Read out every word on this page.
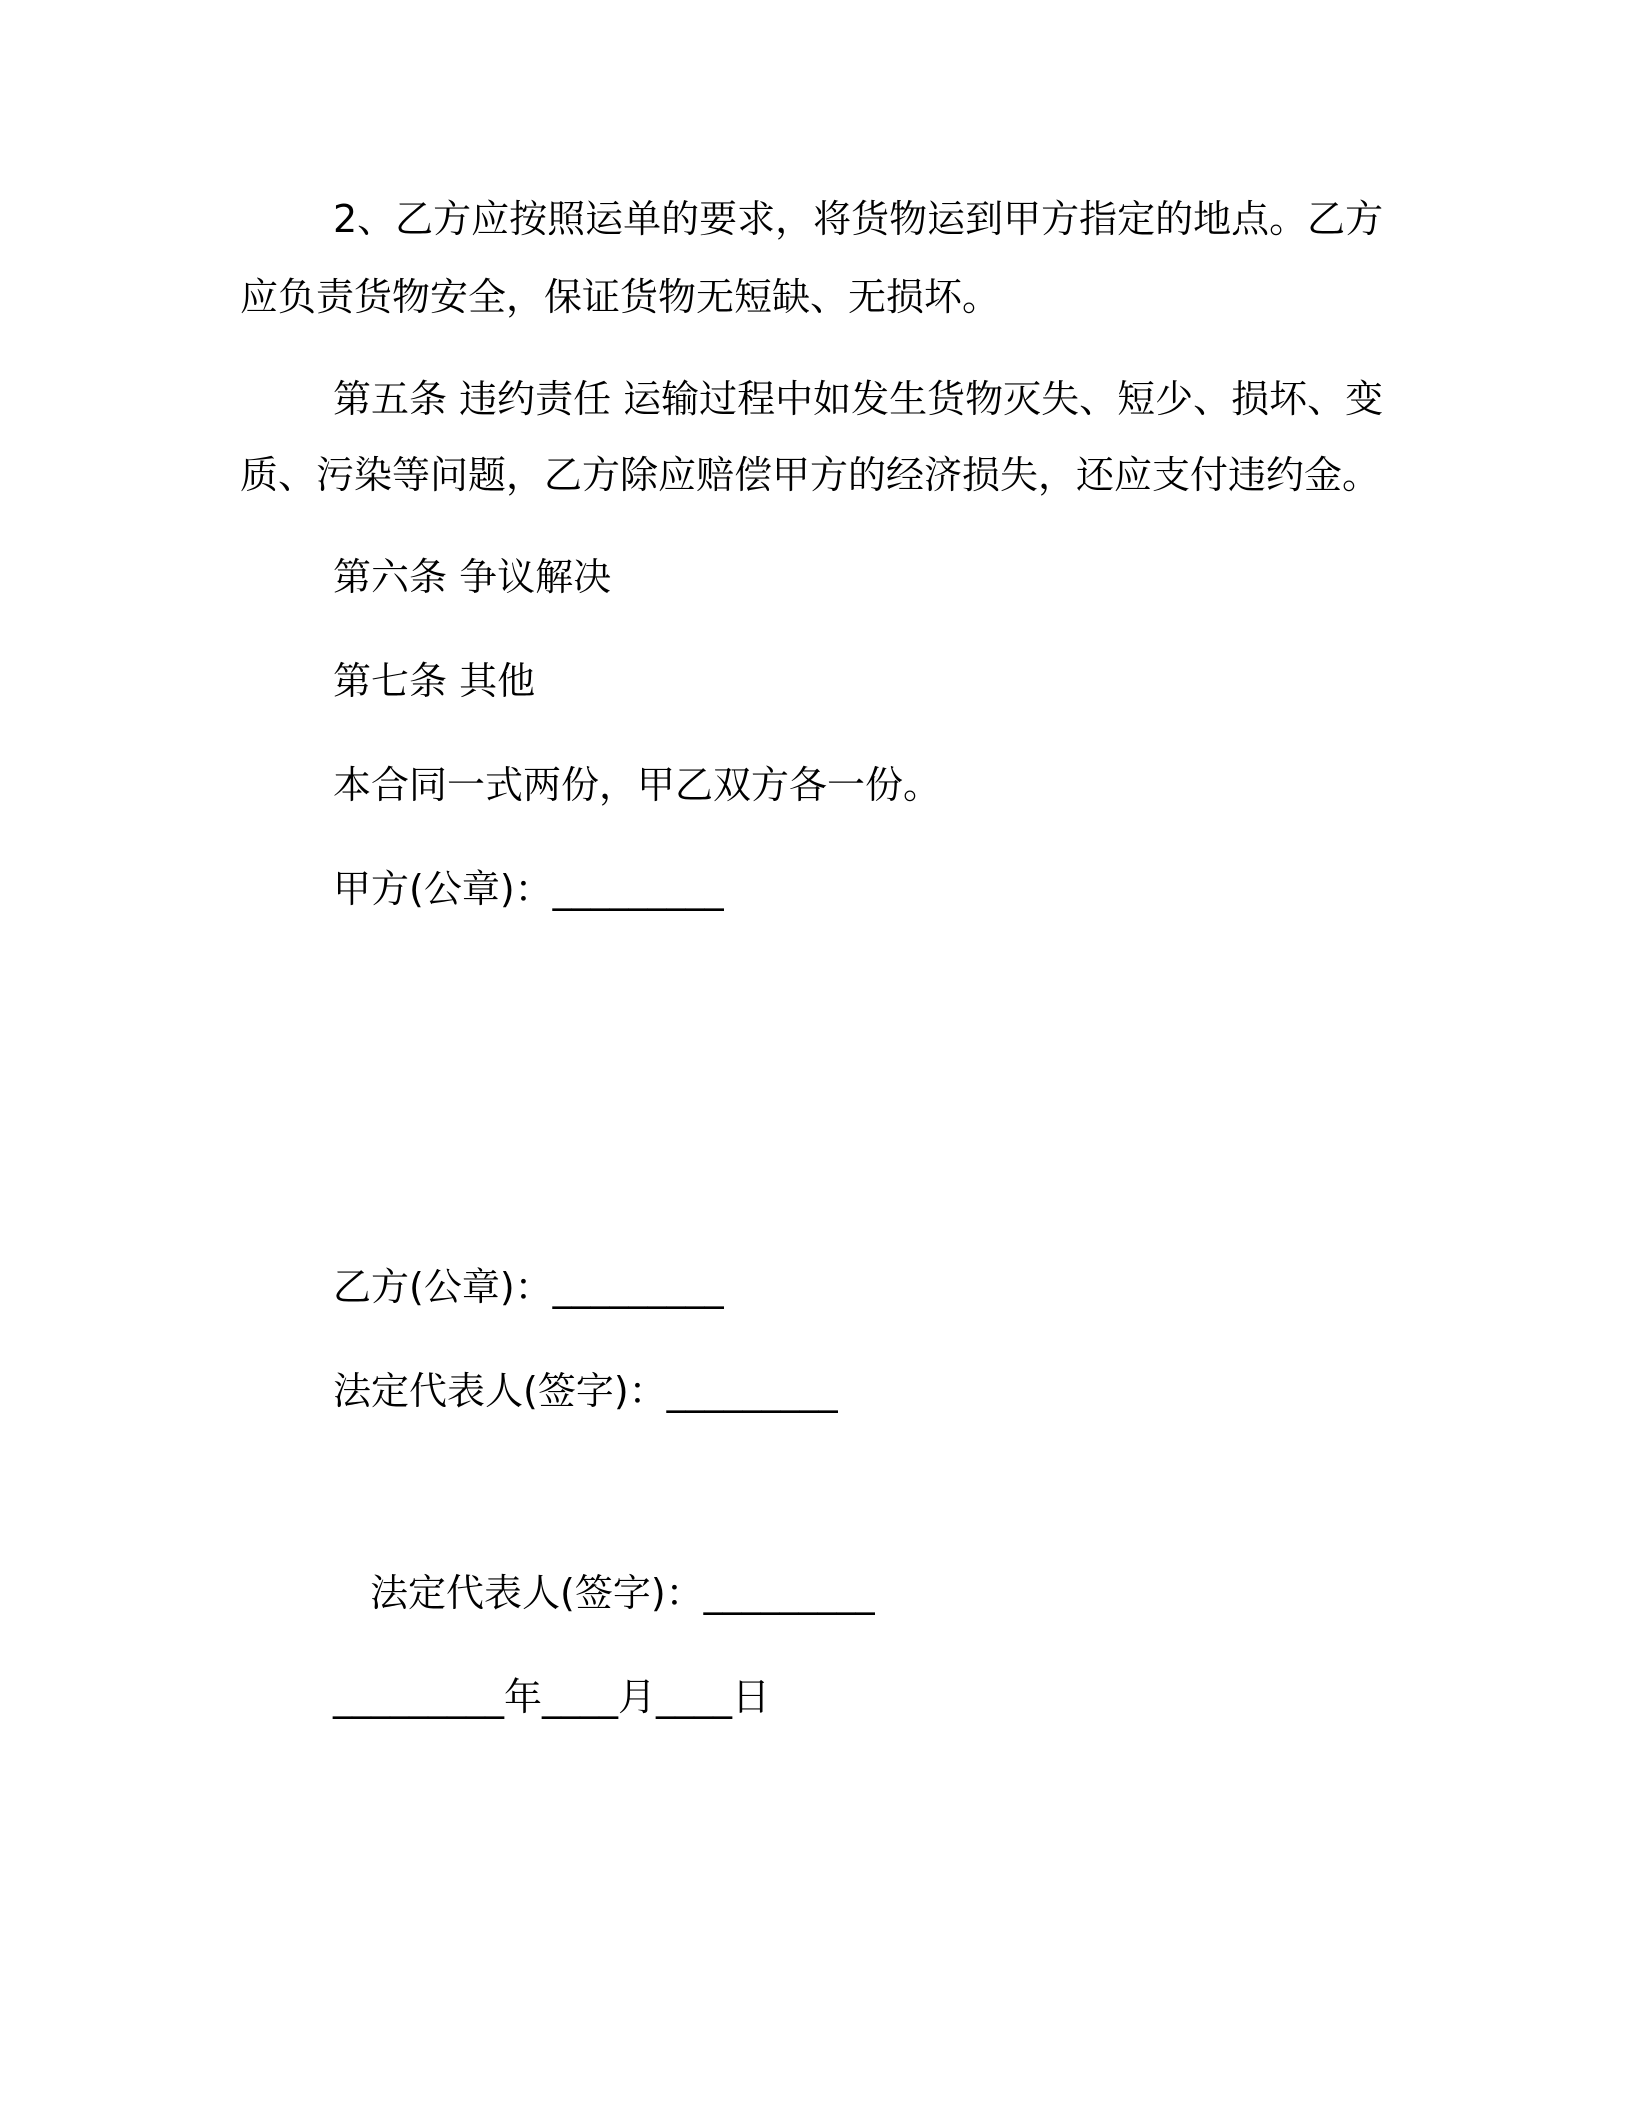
2、乙方应按照运单的要求，将货物运到甲方指定的地点。乙方
应负责货物安全，保证货物无短缺、无损坏。
第五条 违约责任 运输过程中如发生货物灭失、短少、损坏、变
质、污染等问题，乙方除应赔偿甲方的经济损失，还应支付违约金。
第六条 争议解决
第七条 其他
本合同一式两份，甲乙双方各一份。
甲方(公章)：_________
乙方(公章)：_________
法定代表人(签字)：_________
法定代表人(签字)：_________
_________年____月____日
